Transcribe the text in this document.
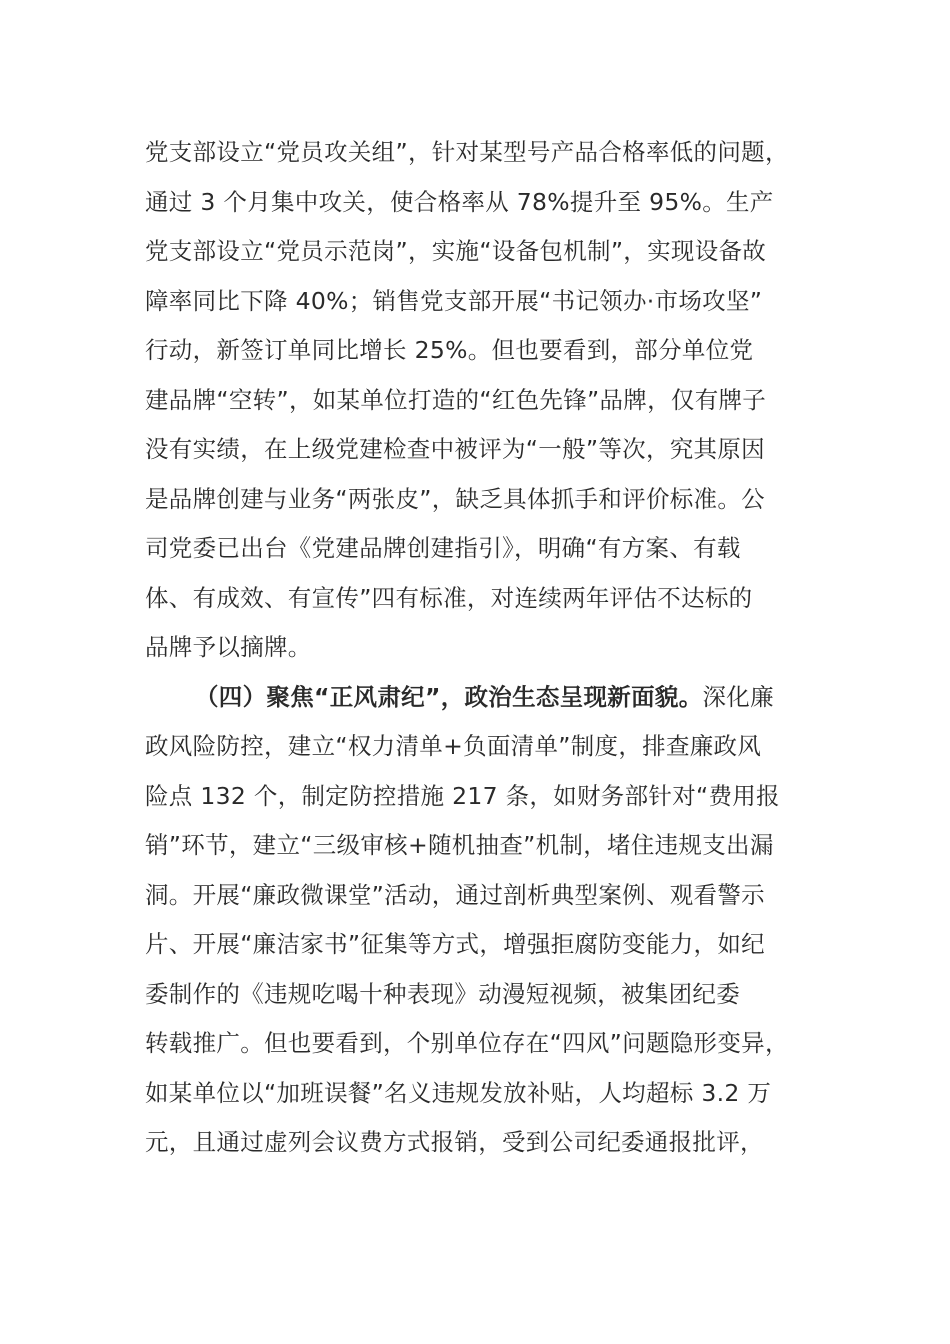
党支部设立“党员攻关组”，针对某型号产品合格率低的问题，
通过 3 个月集中攻关，使合格率从 78%提升至 95%。生产
党支部设立“党员示范岗”，实施“设备包机制”，实现设备故
障率同比下降 40%；销售党支部开展“书记领办·市场攻坚”
行动，新签订单同比增长 25%。但也要看到，部分单位党
建品牌“空转”，如某单位打造的“红色先锋”品牌，仅有牌子
没有实绩，在上级党建检查中被评为“一般”等次，究其原因
是品牌创建与业务“两张皮”，缺乏具体抓手和评价标准。公
司党委已出台《党建品牌创建指引》，明确“有方案、有载
体、有成效、有宣传”四有标准，对连续两年评估不达标的
品牌予以摘牌。
（四）聚焦“正风肃纪”，政治生态呈现新面貌。深化廉
政风险防控，建立“权力清单+负面清单”制度，排查廉政风
险点 132 个，制定防控措施 217 条，如财务部针对“费用报
销”环节，建立“三级审核+随机抽查”机制，堵住违规支出漏
洞。开展“廉政微课堂”活动，通过剖析典型案例、观看警示
片、开展“廉洁家书”征集等方式，增强拒腐防变能力，如纪
委制作的《违规吃喝十种表现》动漫短视频，被集团纪委
转载推广。但也要看到，个别单位存在“四风”问题隐形变异，
如某单位以“加班误餐”名义违规发放补贴，人均超标 3.2 万
元，且通过虚列会议费方式报销，受到公司纪委通报批评，
